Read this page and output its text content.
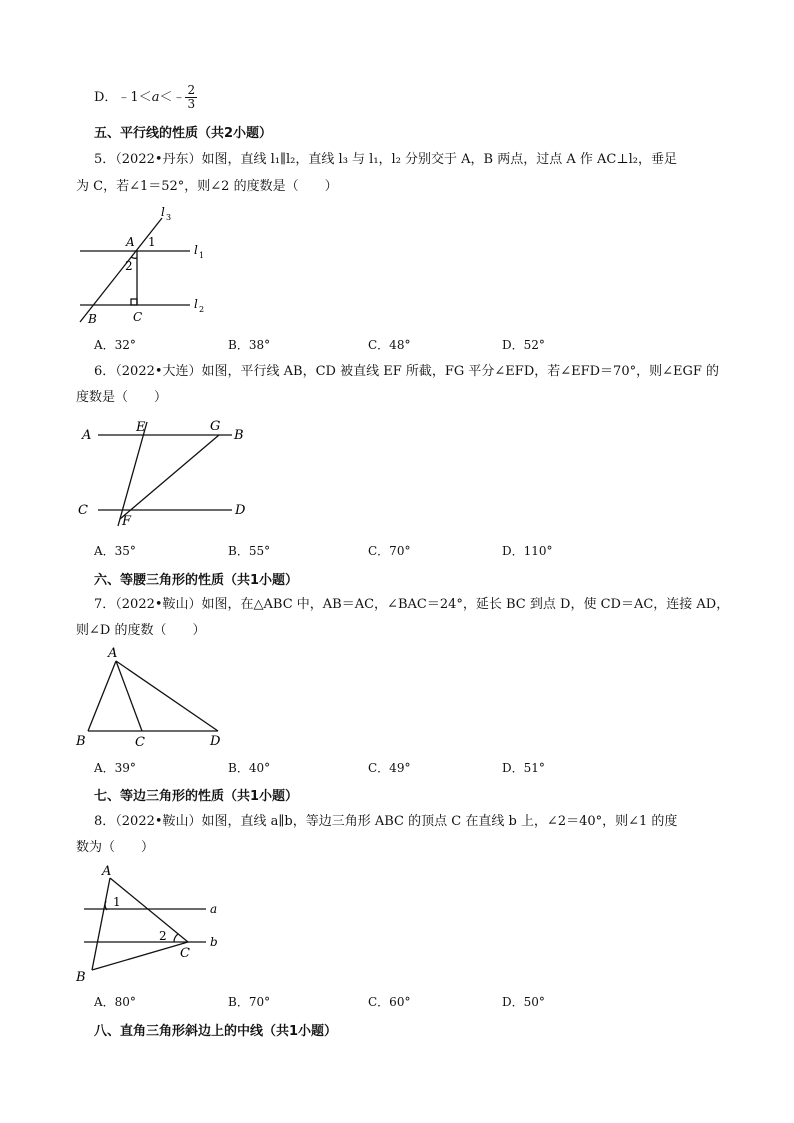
D．﹣1＜a＜﹣ $\frac{2}{3}$
五、平行线的性质（共2小题）
5．（2022•丹东）如图，直线 l₁∥l₂，直线 l₃ 与 l₁，l₂ 分别交于 A，B 两点，过点 A 作 AC⊥l₂，垂足
为 C，若∠1＝52°，则∠2 的度数是（　　）
A 1
2
B	C
l 3
l 1
l 2
A．32°	B．38°	C．48°	D．52°
6．（2022•大连）如图，平行线 AB，CD 被直线 EF 所截，FG 平分∠EFD，若∠EFD＝70°，则∠EGF 的
度数是（　　）
A
E	G
B
C	D
F
A．35°	B．55°	C．70°	D．110°
六、等腰三角形的性质（共1小题）
7．（2022•鞍山）如图，在△ABC 中，AB＝AC，∠BAC＝24°，延长 BC 到点 D，使 CD＝AC，连接 AD，
则∠D 的度数（　　）
A
B	C	D
A．39°	B．40°	C．49°	D．51°
七、等边三角形的性质（共1小题）
8．（2022•鞍山）如图，直线 a∥b，等边三角形 ABC 的顶点 C 在直线 b 上，∠2＝40°，则∠1 的度
数为（　　）
A
1
2
C
B
a
b
A．80°	B．70°	C．60°	D．50°
八、直角三角形斜边上的中线（共1小题）
